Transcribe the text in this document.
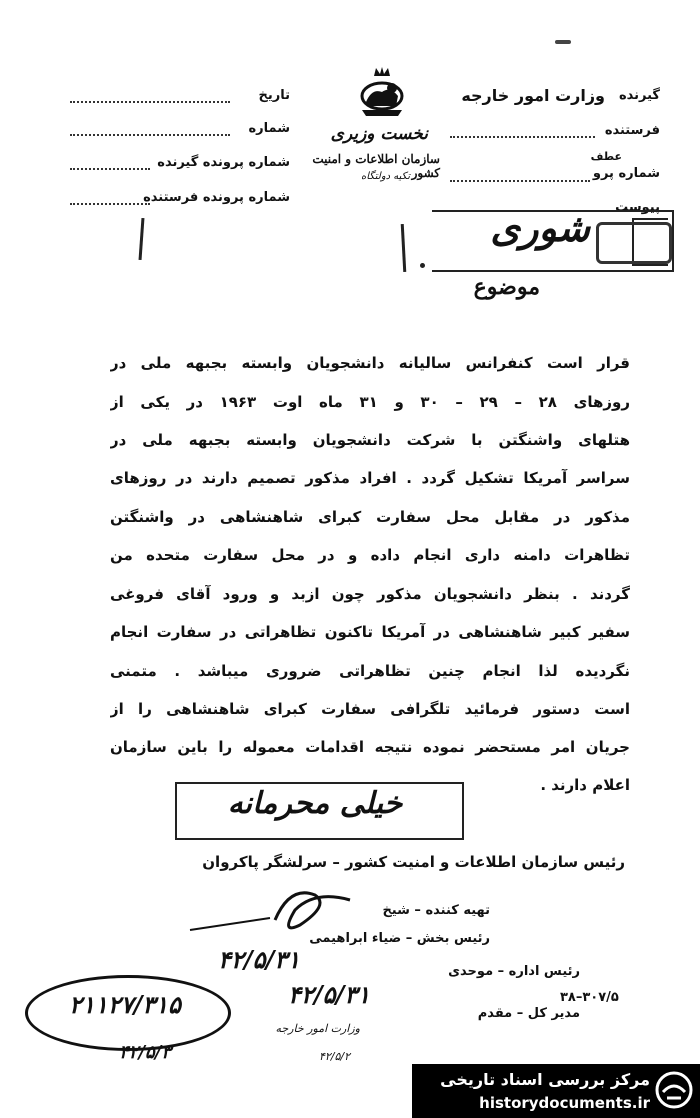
تاریخ
شماره
شماره پرونده گیرنده
شماره پرونده فرستنده
نخست وزیری
سازمان اطلاعات و امنیت کشور
تکیه دولتگاه
گیرنده
وزارت امور خارجه
فرستنده
شماره پرو
عطف
پیوست
شوری
موضوع
قرار است کنفرانس سالیانه دانشجویان وابسته بجبهه ملی در
روزهای ۲۸ – ۲۹ – ۳۰ و ۳۱ ماه اوت ۱۹۶۳ در یکی از
هتلهای واشنگتن با شرکت دانشجویان وابسته بجبهه ملی در
سراسر آمریکا تشکیل گردد . افراد مذکور تصمیم دارند در روزهای
مذکور در مقابل محل سفارت کبرای شاهنشاهی در واشنگتن
تظاهرات دامنه داری انجام داده و در محل سفارت متحده من
گردند . بنظر دانشجویان مذکور چون ازبد و ورود آقای فروغی
سفیر کبیر شاهنشاهی در آمریکا تاکنون تظاهراتی در سفارت انجام
نگردیده لذا انجام چنین تظاهراتی ضروری میباشد . متمنی
است دستور فرمائید تلگرافی سفارت کبرای شاهنشاهی را از
جریان امر مستحضر نموده نتیجه اقدامات معموله را باین سازمان
اعلام دارند .
خیلی محرمانه
رئیس سازمان اطلاعات و امنیت کشور – سرلشگر پاکروان
تهیه کننده – شیخ
رئیس بخش – ضیاء ابراهیمی
۴۲/۵/۳۱
۴۲/۵/۳۱
رئیس اداره – موحدی
۳۸–۳۰۷/۵
مدیر کل – مقدم
۲۱۱۲۷/۳۱۵
۴۲/۵/۳
وزارت امور خارجه
۴۲/۵/۲
مرکز بررسی اسناد تاریخی
historydocuments.ir
